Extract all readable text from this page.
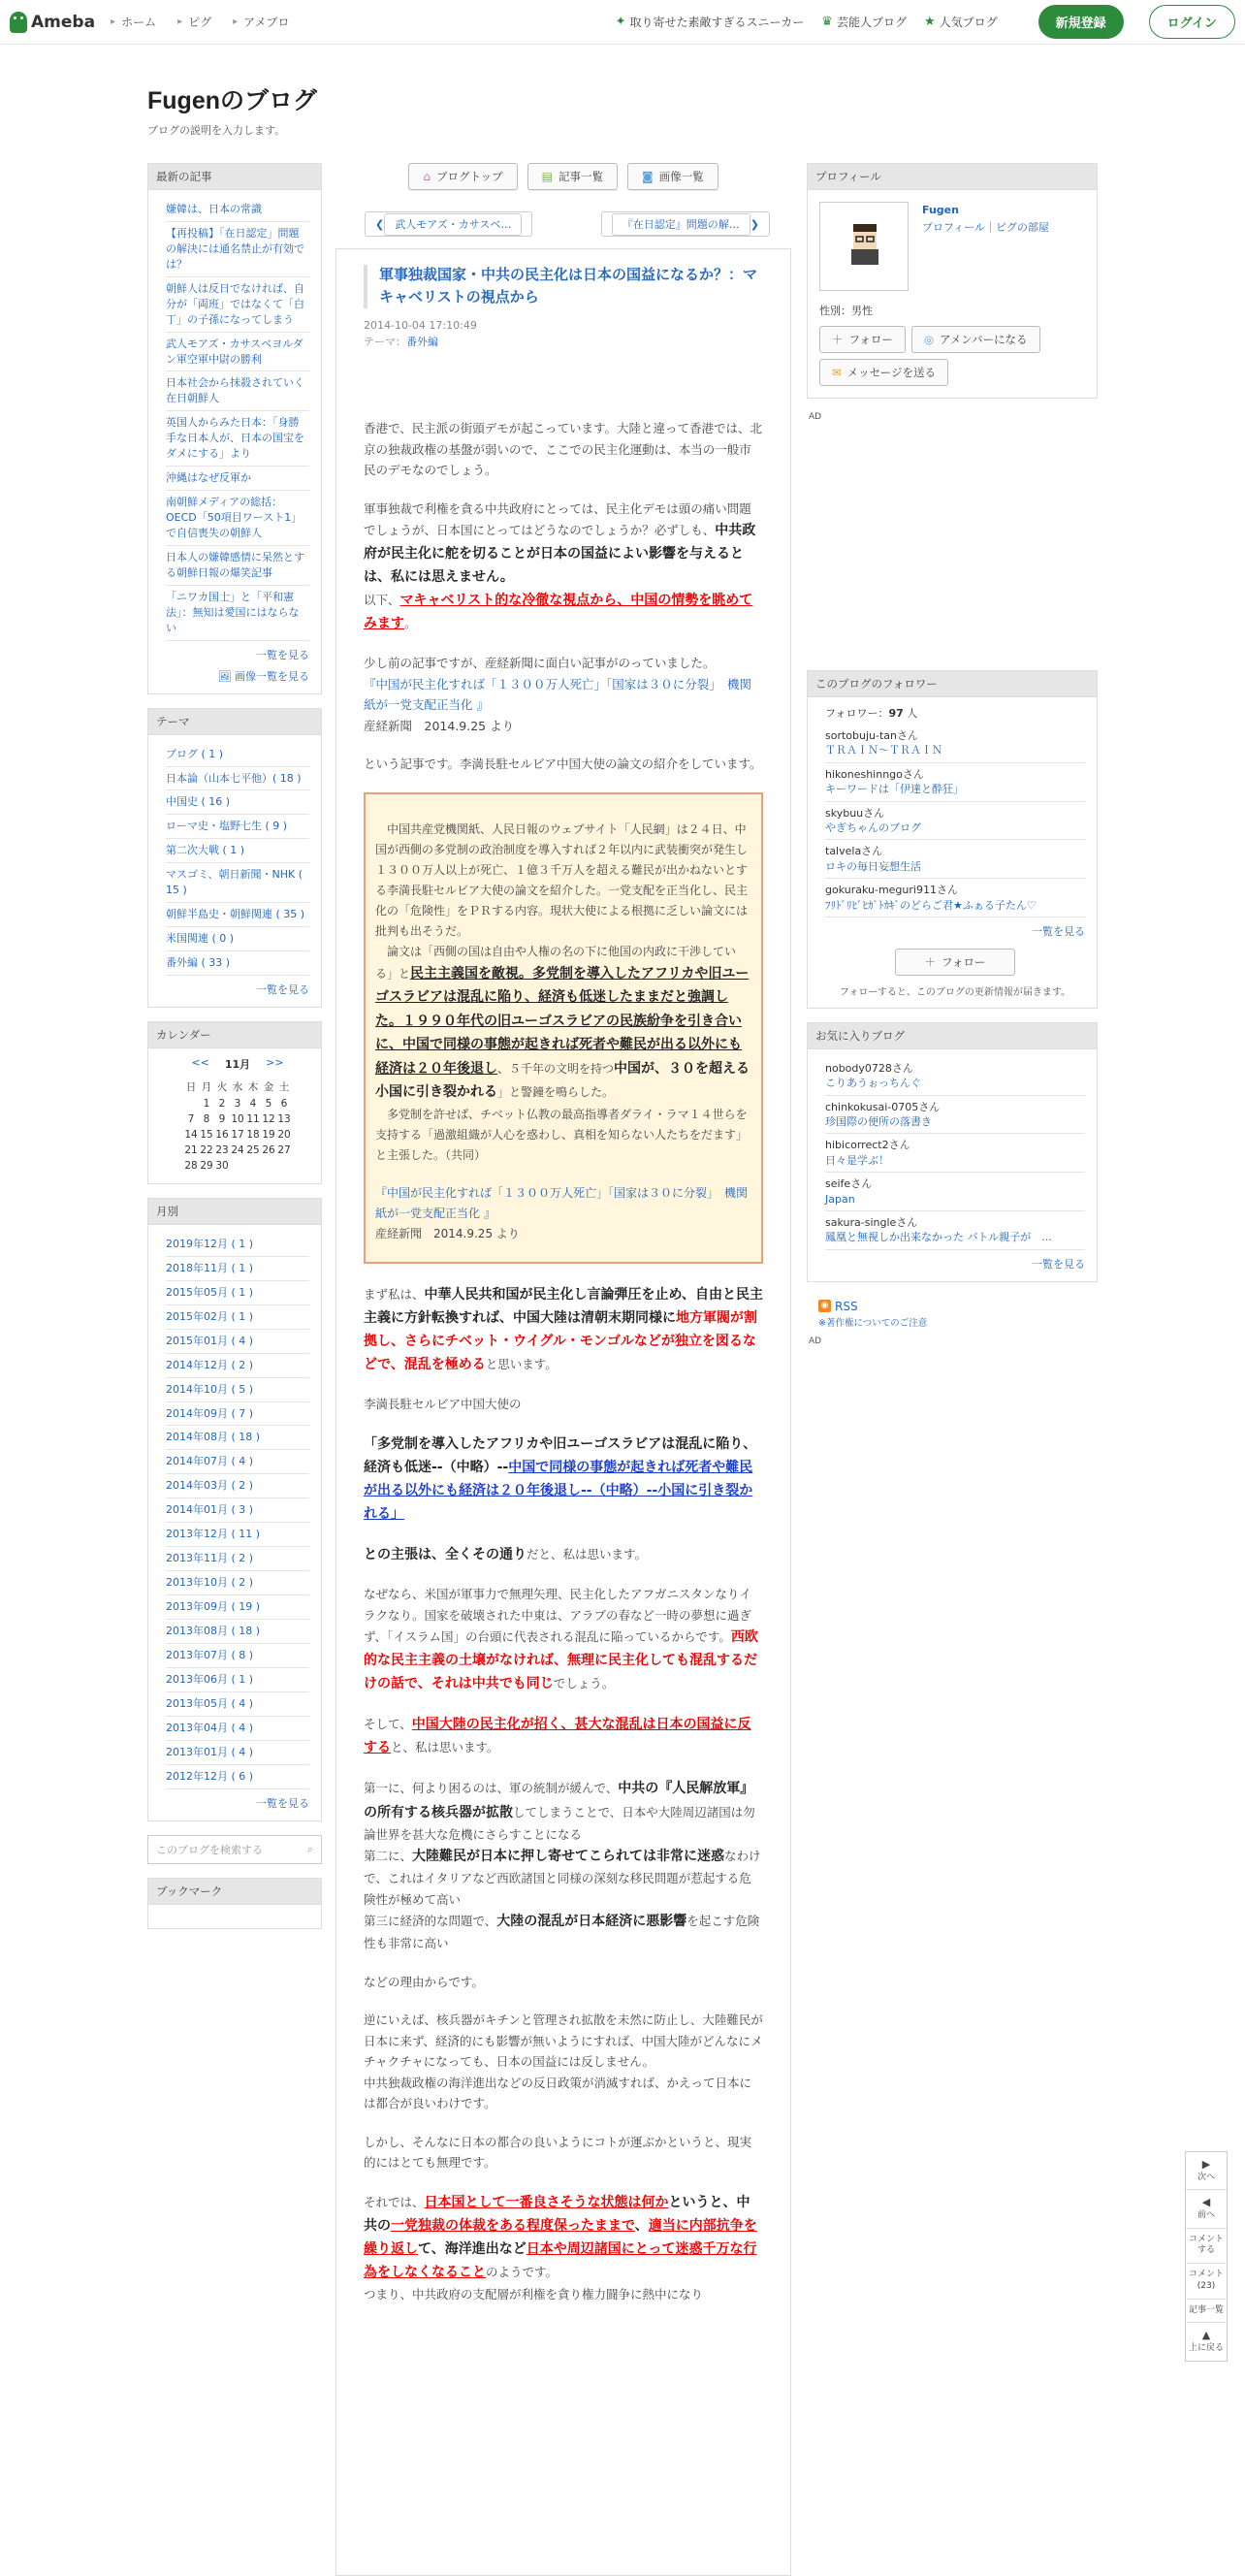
Ameba ▸ ホーム ▸ ピグ ▸ アメブロ	✦ 取り寄せた素敵すぎるスニーカー ♛ 芸能人ブログ ★ 人気ブログ	新規登録	ログイン
Fugenのブログ
ブログの説明を入力します。
最新の記事
嫌韓は、日本の常識
【再投稿】「在日認定」問題の解決には通名禁止が有効では？
朝鮮人は反日でなければ、自分が「両班」ではなくて「白丁」の子孫になってしまう
武人モアズ・カサスベヨルダン軍空軍中尉の勝利
日本社会から抹殺されていく在日朝鮮人
英国人からみた日本：「身勝手な日本人が、日本の国宝をダメにする」より
沖縄はなぜ反軍か
南朝鮮メディアの総括：OECD「50項目ワースト1」で自信喪失の朝鮮人
日本人の嫌韓感情に呆然とする朝鮮日報の爆笑記事
「ニワカ国士」と「平和憲法」：無知は愛国にはならない
一覧を見る
🖼 画像一覧を見る
テーマ
ブログ ( 1 )
日本論（山本七平他）( 18 )
中国史 ( 16 )
ローマ史・塩野七生 ( 9 )
第二次大戦 ( 1 )
マスゴミ、朝日新聞・NHK ( 15 )
朝鮮半島史・朝鮮関連 ( 35 )
米国関連 ( 0 )
番外編 ( 33 )
一覧を見る
カレンダー
<< 11月 >>
日	月	火	水	木	金	土
	1	2	3	4	5	6
7	8	9	10	11	12	13
14	15	16	17	18	19	20
21	22	23	24	25	26	27
28	29	30				
月別
2019年12月 ( 1 )
2018年11月 ( 1 )
2015年05月 ( 1 )
2015年02月 ( 1 )
2015年01月 ( 4 )
2014年12月 ( 2 )
2014年10月 ( 5 )
2014年09月 ( 7 )
2014年08月 ( 18 )
2014年07月 ( 4 )
2014年03月 ( 2 )
2014年01月 ( 3 )
2013年12月 ( 11 )
2013年11月 ( 2 )
2013年10月 ( 2 )
2013年09月 ( 19 )
2013年08月 ( 18 )
2013年07月 ( 8 )
2013年06月 ( 1 )
2013年05月 ( 4 )
2013年04月 ( 4 )
2013年01月 ( 4 )
2012年12月 ( 6 )
一覧を見る
このブログを検索する	⌕
ブックマーク
⌂ ブログトップ	▤ 記事一覧	◙ 画像一覧
❮ 武人モアズ・カサスベ…	『在日認定』問題の解… ❯
軍事独裁国家・中共の民主化は日本の国益になるか？：マキャベリストの視点から
2014-10-04 17:10:49
テーマ：番外編

香港で、民主派の街頭デモが起こっています。大陸と違って香港では、北京の独裁政権の基盤が弱いので、ここでの民主化運動は、本当の一般市民のデモなのでしょう。

軍事独裁で利権を貪る中共政府にとっては、民主化デモは頭の痛い問題でしょうが、日本国にとってはどうなのでしょうか？必ずしも、中共政府が民主化に舵を切ることが日本の国益によい影響を与えるとは、私には思えません。
以下、マキャベリスト的な冷徹な視点から、中国の情勢を眺めてみます。

少し前の記事ですが、産経新聞に面白い記事がのっていました。
『中国が民主化すれば「１３００万人死亡」「国家は３０に分裂」　機関紙が一党支配正当化 』
産経新聞　2014.9.25 より

という記事です。李満長駐セルビア中国大使の論文の紹介をしています。

　中国共産党機関紙、人民日報のウェブサイト「人民網」は２４日、中国が西側の多党制の政治制度を導入すれば２年以内に武装衝突が発生し１３００万人以上が死亡、１億３千万人を超える難民が出かねないとする李満長駐セルビア大使の論文を紹介した。一党支配を正当化し、民主化の「危険性」をＰＲする内容。現状大使による根拠に乏しい論文には批判も出そうだ。
　論文は「西側の国は自由や人権の名の下に他国の内政に干渉している」と民主主義国を敵視。多党制を導入したアフリカや旧ユーゴスラビアは混乱に陥り、経済も低迷したままだと強調した。１９９０年代の旧ユーゴスラビアの民族紛争を引き合いに、中国で同様の事態が起きれば死者や難民が出る以外にも経済は２０年後退し、５千年の文明を持つ中国が、３０を超える小国に引き裂かれる」と警鐘を鳴らした。
　多党制を許せば、チベット仏教の最高指導者ダライ・ラマ１４世らを支持する「過激組織が人心を惑わし、真相を知らない人たちをだます」と主張した。（共同）
『中国が民主化すれば「１３００万人死亡」「国家は３０に分裂」　機関紙が一党支配正当化 』
産経新聞　2014.9.25 より

まず私は、中華人民共和国が民主化し言論弾圧を止め、自由と民主主義に方針転換すれば、中国大陸は清朝末期同様に地方軍閥が割拠し、さらにチベット・ウイグル・モンゴルなどが独立を図るなどで、混乱を極めると思います。

李満長駐セルビア中国大使の

「多党制を導入したアフリカや旧ユーゴスラビアは混乱に陥り、経済も低迷--（中略）--中国で同様の事態が起きれば死者や難民が出る以外にも経済は２０年後退し--（中略）--小国に引き裂かれる」

との主張は、全くその通りだと、私は思います。

なぜなら、米国が軍事力で無理矢理、民主化したアフガニスタンなりイラクなり。国家を破壊された中東は、アラブの春など一時の夢想に過ぎず、「イスラム国」の台頭に代表される混乱に陥っているからです。西欧的な民主主義の土壌がなければ、無理に民主化しても混乱するだけの話で、それは中共でも同じでしょう。

そして、中国大陸の民主化が招く、甚大な混乱は日本の国益に反すると、私は思います。

第一に、何より困るのは、軍の統制が緩んで、中共の『人民解放軍』の所有する核兵器が拡散してしまうことで、日本や大陸周辺諸国は勿論世界を甚大な危機にさらすことになる
第二に、大陸難民が日本に押し寄せてこられては非常に迷惑なわけで、これはイタリアなど西欧諸国と同様の深刻な移民問題が惹起する危険性が極めて高い
第三に経済的な問題で、大陸の混乱が日本経済に悪影響を起こす危険性も非常に高い

などの理由からです。

逆にいえば、核兵器がキチンと管理され拡散を未然に防止し、大陸難民が日本に来ず、経済的にも影響が無いようにすれば、中国大陸がどんなにメチャクチャになっても、日本の国益には反しません。
中共独裁政権の海洋進出などの反日政策が消滅すれば、かえって日本には都合が良いわけです。

しかし、そんなに日本の都合の良いようにコトが運ぶかというと、現実的にはとても無理です。

それでは、日本国として一番良さそうな状態は何かというと、中共の一党独裁の体裁をある程度保ったままで、適当に内部抗争を繰り返して、海洋進出など日本や周辺諸国にとって迷惑千万な行為をしなくなることのようです。
つまり、中共政府の支配層が利権を貪り権力闘争に熱中になり

プロフィール
Fugen
プロフィール｜ピグの部屋
性別：男性
＋ フォロー	◎ アメンバーになる
✉ メッセージを送る
AD
このブログのフォロワー
フォロワー：97 人
sortobuju-tanさん
ＴＲＡＩＮ～ＴＲＡＩＮ
hikoneshinngoさん
キーワードは「伊達と酔狂」
skybuuさん
やぎちゃんのブログ
talvelaさん
ロキの毎日妄想生活
gokuraku-meguri911さん
ﾌﾘﾄﾞﾘﾋﾞﾋｶﾞﾄｶｷﾞのどらご君★ふぁる子たん♡
一覧を見る
＋ フォロー
フォローすると、このブログの更新情報が届きます。
お気に入りブログ
nobody0728さん
こりあうぉっちんぐ
chinkokusai-0705さん
珍国際の便所の落書き
hibicorrect2さん
日々是学ぶ！
seifeさん
Japan
sakura-singleさん
鳳凰と無視しか出来なかった バトル親子が　...
一覧を見る
◉ RSS
※著作権についてのご注意
AD
▶
次へ
◀
前へ
コメントする
コメント(23)
記事一覧
▲
上に戻る
